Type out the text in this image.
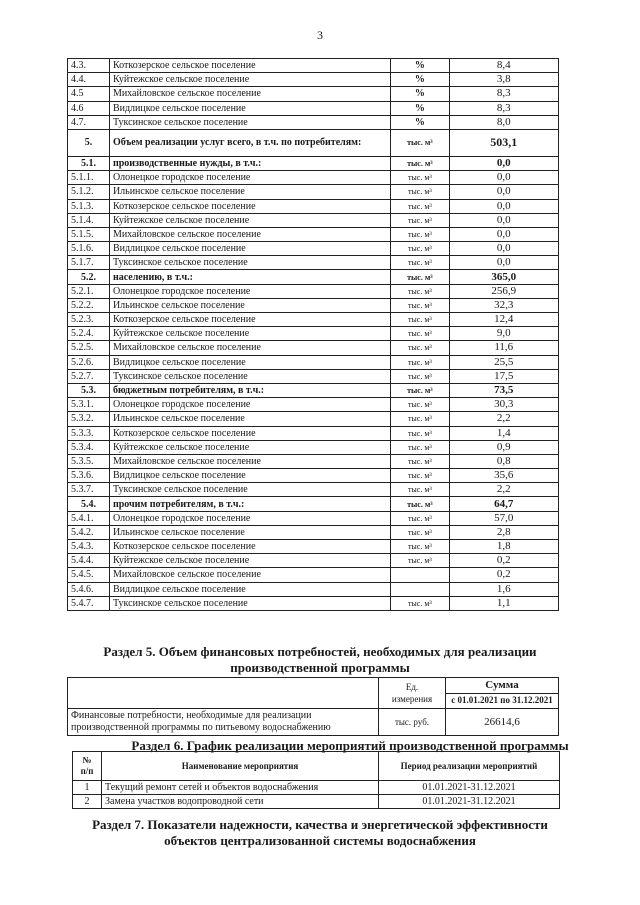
3
4.3.	Коткозерское сельское поселение	%	8,4
4.4.	Куйтежское сельское поселение	%	3,8
4.5	Михайловское сельское поселение	%	8,3
4.6	Видлицкое сельское поселение	%	8,3
4.7.	Туксинское сельское поселение	%	8,0
5.	Объем реализации услуг всего, в т.ч. по потребителям:	тыс. м³	503,1
5.1.	производственные нужды, в т.ч.:	тыс. м³	0,0
5.1.1.	Олонецкое городское поселение	тыс. м³	0,0
5.1.2.	Ильинское сельское поселение	тыс. м³	0,0
5.1.3.	Коткозерское сельское поселение	тыс. м³	0,0
5.1.4.	Куйтежское сельское поселение	тыс. м³	0,0
5.1.5.	Михайловское сельское поселение	тыс. м³	0,0
5.1.6.	Видлицкое сельское поселение	тыс. м³	0,0
5.1.7.	Туксинское сельское поселение	тыс. м³	0,0
5.2.	населению, в т.ч.:	тыс. м³	365,0
5.2.1.	Олонецкое городское поселение	тыс. м³	256,9
5.2.2.	Ильинское сельское поселение	тыс. м³	32,3
5.2.3.	Коткозерское сельское поселение	тыс. м³	12,4
5.2.4.	Куйтежское сельское поселение	тыс. м³	9,0
5.2.5.	Михайловское сельское поселение	тыс. м³	11,6
5.2.6.	Видлицкое сельское поселение	тыс. м³	25,5
5.2.7.	Туксинское сельское поселение	тыс. м³	17,5
5.3.	бюджетным потребителям, в т.ч.:	тыс. м³	73,5
5.3.1.	Олонецкое городское поселение	тыс. м³	30,3
5.3.2.	Ильинское сельское поселение	тыс. м³	2,2
5.3.3.	Коткозерское сельское поселение	тыс. м³	1,4
5.3.4.	Куйтежское сельское поселение	тыс. м³	0,9
5.3.5.	Михайловское сельское поселение	тыс. м³	0,8
5.3.6.	Видлицкое сельское поселение	тыс. м³	35,6
5.3.7.	Туксинское сельское поселение	тыс. м³	2,2
5.4.	прочим потребителям, в т.ч.:	тыс. м³	64,7
5.4.1.	Олонецкое городское поселение	тыс. м³	57,0
5.4.2.	Ильинское сельское поселение	тыс. м³	2,8
5.4.3.	Коткозерское сельское поселение	тыс. м³	1,8
5.4.4.	Куйтежское сельское поселение	тыс. м³	0,2
5.4.5.	Михайловское сельское поселение		0,2
5.4.6.	Видлицкое сельское поселение		1,6
5.4.7.	Туксинское сельское поселение	тыс. м³	1,1
Раздел 5. Объем финансовых потребностей, необходимых для реализации
производственной программы

	Ед.
измерения	Сумма
		с 01.01.2021 по 31.12.2021

Финансовые потребности, необходимые для реализации
производственной программы по питьевому водоснабжению	тыс. руб.	26614,6
Раздел 6. График реализации мероприятий производственной программы
№
п/п	Наименование мероприятия	Период реализации мероприятий
1	Текущий ремонт сетей и объектов водоснабжения	01.01.2021-31.12.2021
2	Замена участков водопроводной сети	01.01.2021-31.12.2021
Раздел 7. Показатели надежности, качества и энергетической эффективности
объектов централизованной системы водоснабжения
